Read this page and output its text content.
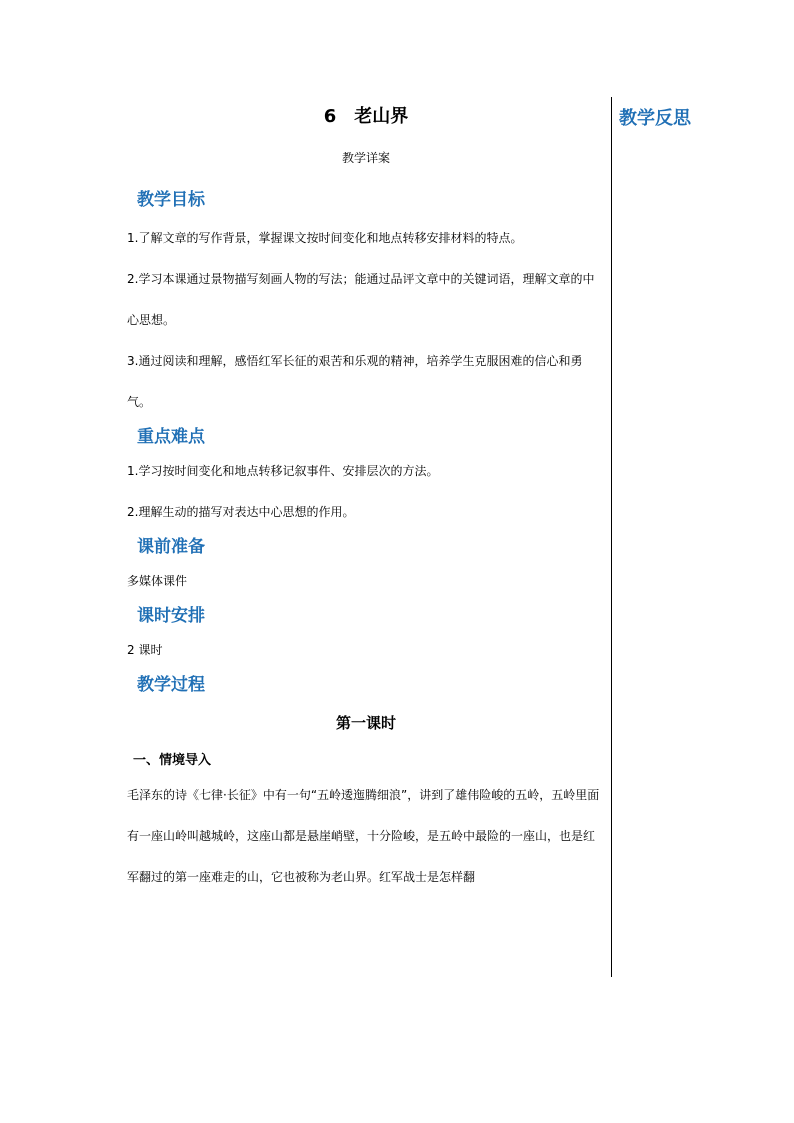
教学反思
6　老山界
教学详案
教学目标
1.了解文章的写作背景，掌握课文按时间变化和地点转移安排材料的特点。
2.学习本课通过景物描写刻画人物的写法；能通过品评文章中的关键词语，理解文章的中心思想。
3.通过阅读和理解，感悟红军长征的艰苦和乐观的精神，培养学生克服困难的信心和勇气。
重点难点
1.学习按时间变化和地点转移记叙事件、安排层次的方法。
2.理解生动的描写对表达中心思想的作用。
课前准备
多媒体课件
课时安排
2 课时
教学过程
第一课时
一、情境导入
毛泽东的诗《七律·长征》中有一句“五岭逶迤腾细浪”，讲到了雄伟险峻的五岭，五岭里面有一座山岭叫越城岭，这座山都是悬崖峭壁，十分险峻，是五岭中最险的一座山，也是红军翻过的第一座难走的山，它也被称为老山界。红军战士是怎样翻
